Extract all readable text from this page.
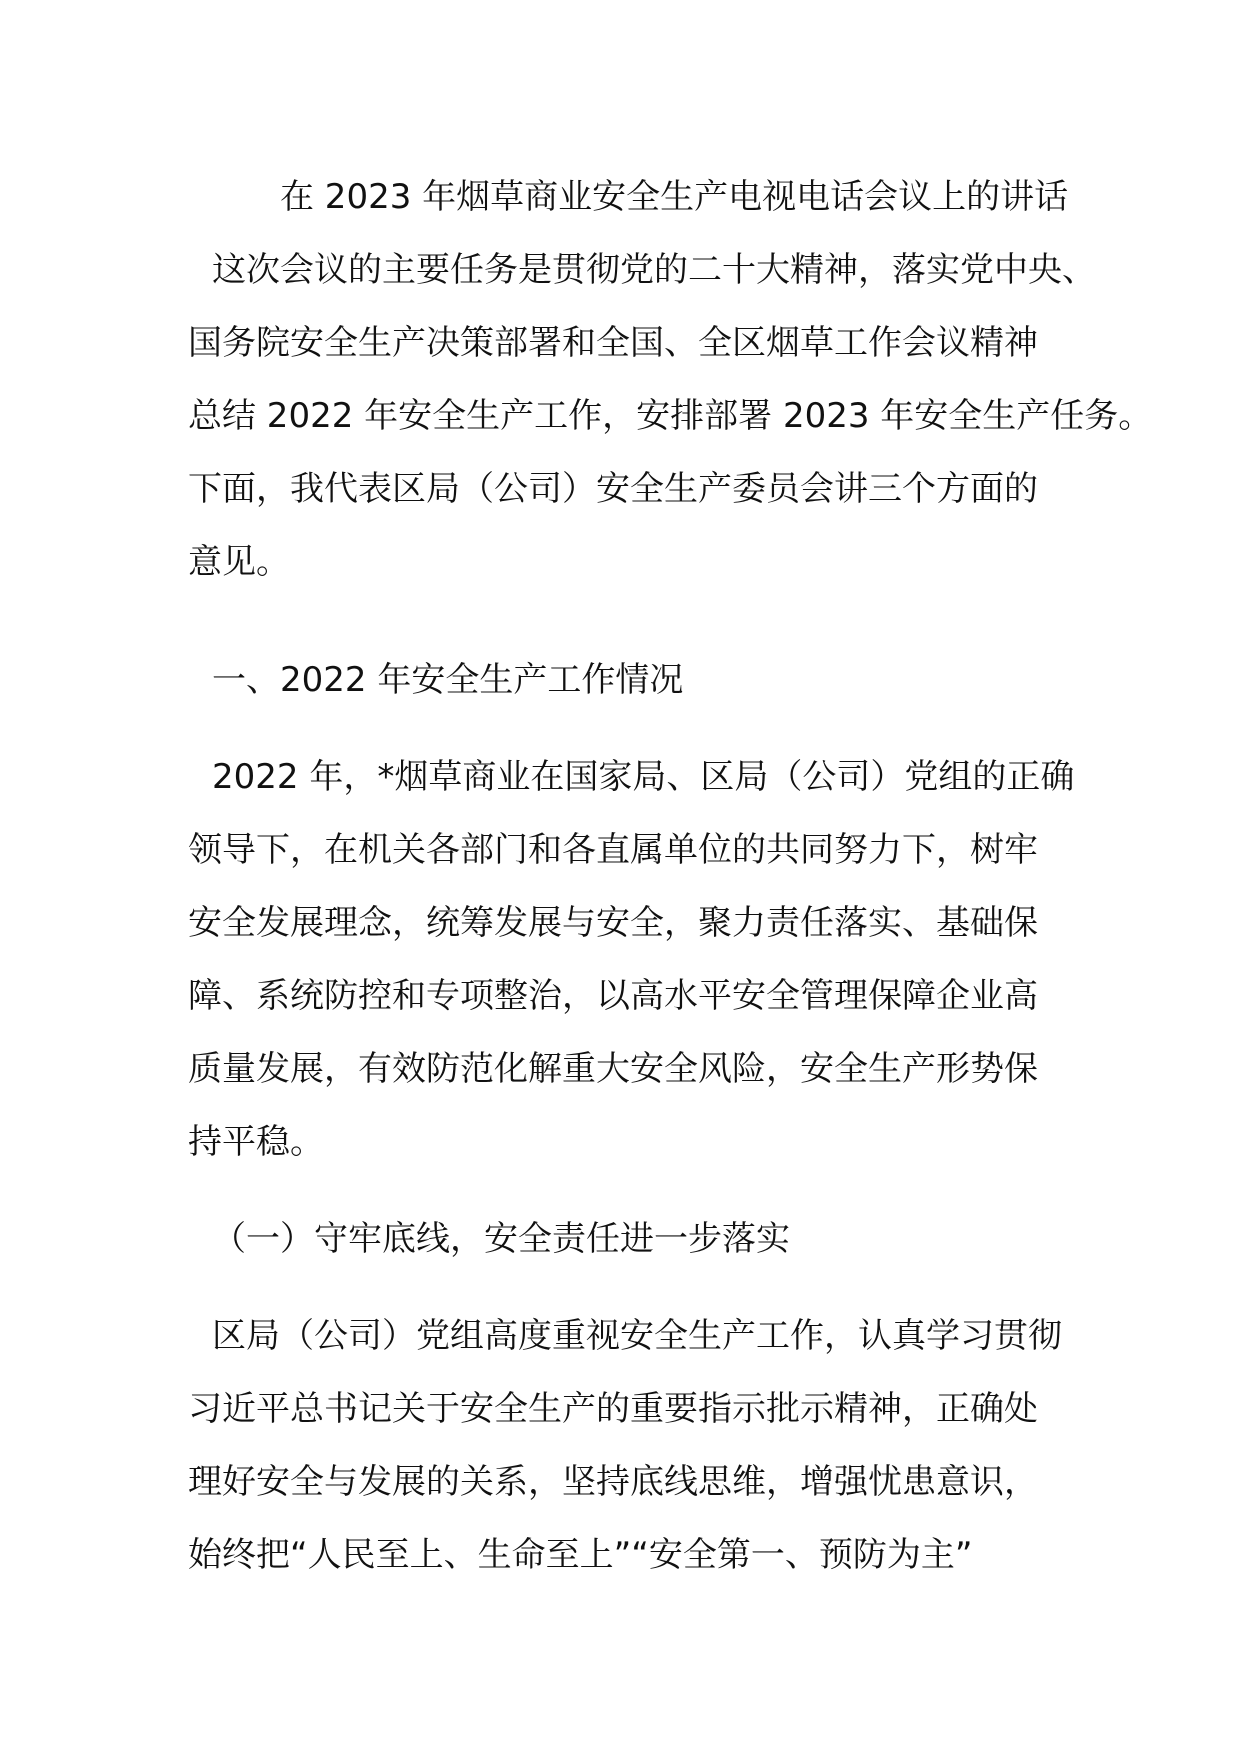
在 2023 年烟草商业安全生产电视电话会议上的讲话
这次会议的主要任务是贯彻党的二十大精神，落实党中央、
国务院安全生产决策部署和全国、全区烟草工作会议精神
总结 2022 年安全生产工作，安排部署 2023 年安全生产任务。
下面，我代表区局（公司）安全生产委员会讲三个方面的
意见。
一、2022 年安全生产工作情况
2022 年，*烟草商业在国家局、区局（公司）党组的正确
领导下，在机关各部门和各直属单位的共同努力下，树牢
安全发展理念，统筹发展与安全，聚力责任落实、基础保
障、系统防控和专项整治，以高水平安全管理保障企业高
质量发展，有效防范化解重大安全风险，安全生产形势保
持平稳。
（一）守牢底线，安全责任进一步落实
区局（公司）党组高度重视安全生产工作，认真学习贯彻
习近平总书记关于安全生产的重要指示批示精神，正确处
理好安全与发展的关系，坚持底线思维，增强忧患意识，
始终把“人民至上、生命至上”“安全第一、预防为主”
